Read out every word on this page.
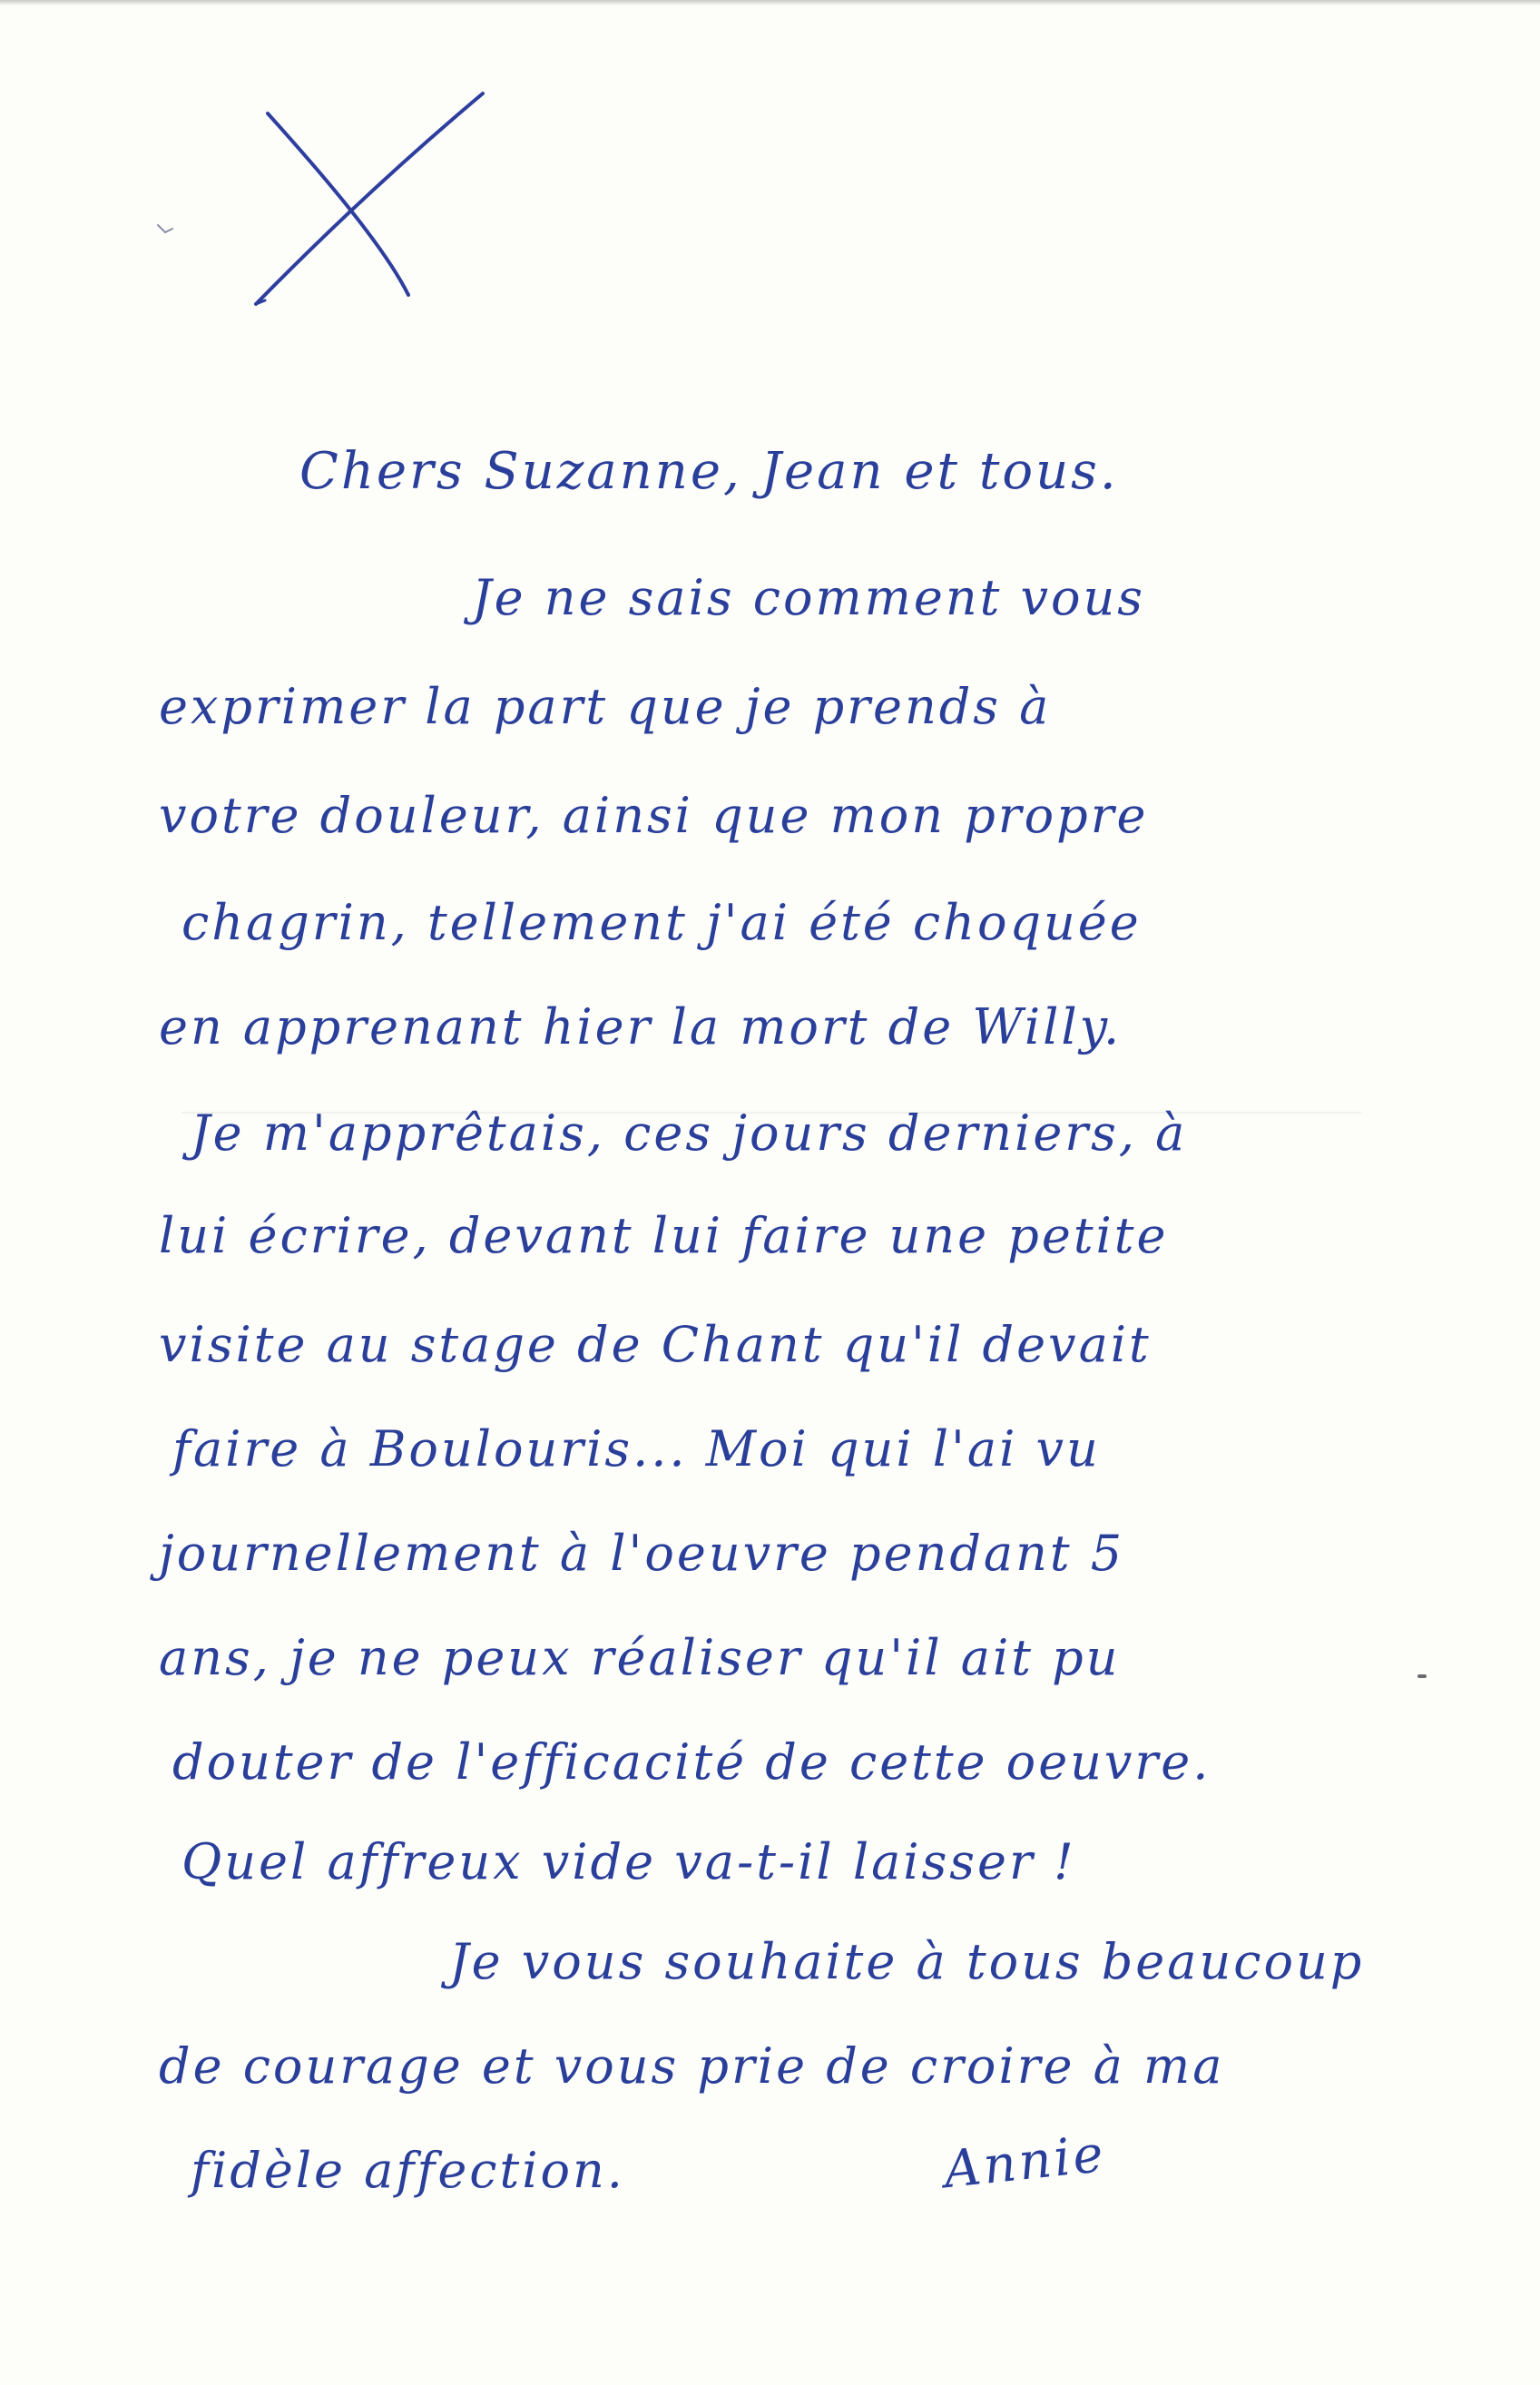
Chers Suzanne, Jean et tous.
Je ne sais comment vous
exprimer la part que je prends à
votre douleur, ainsi que mon propre
chagrin, tellement j'ai été choquée
en apprenant hier la mort de Willy.
Je m'apprêtais, ces jours derniers, à
lui écrire, devant lui faire une petite
visite au stage de Chant qu'il devait
faire à Boulouris... Moi qui l'ai vu
journellement à l'oeuvre pendant 5
ans, je ne peux réaliser qu'il ait pu
douter de l'efficacité de cette oeuvre.
Quel affreux vide va-t-il laisser !
Je vous souhaite à tous beaucoup
de courage et vous prie de croire à ma
fidèle affection.	Annie
